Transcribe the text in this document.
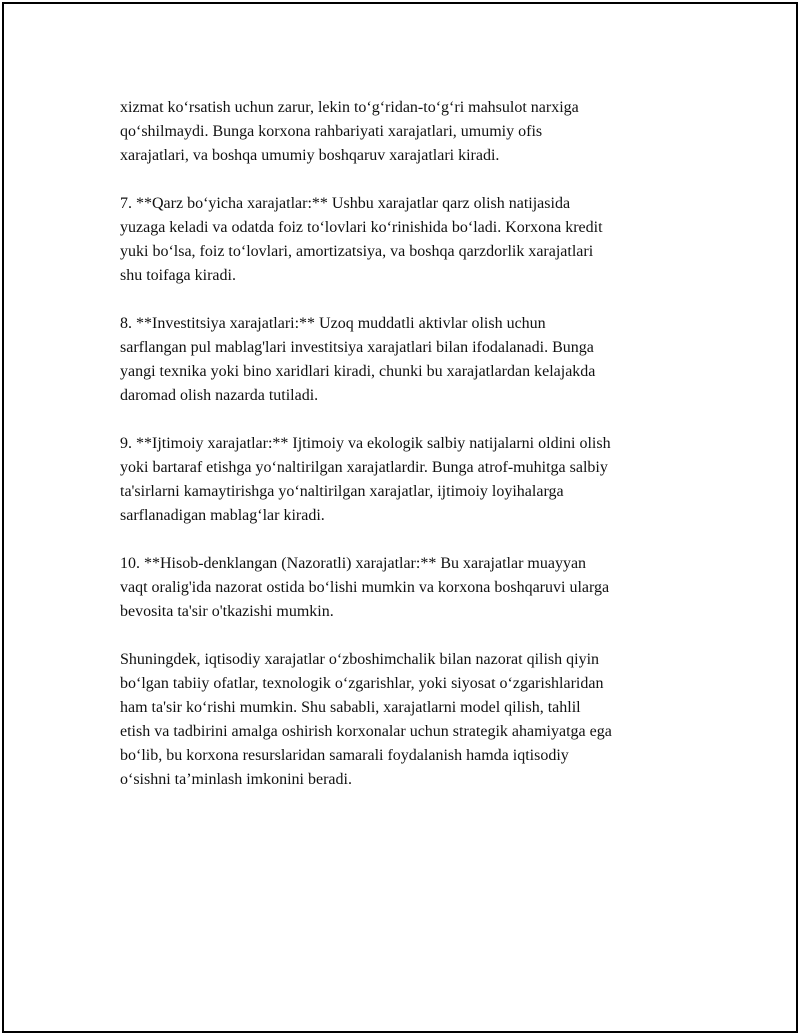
xizmat ko‘rsatish uchun zarur, lekin to‘g‘ridan-to‘g‘ri mahsulot narxiga
qo‘shilmaydi. Bunga korxona rahbariyati xarajatlari, umumiy ofis
xarajatlari, va boshqa umumiy boshqaruv xarajatlari kiradi.

7. **Qarz bo‘yicha xarajatlar:** Ushbu xarajatlar qarz olish natijasida
yuzaga keladi va odatda foiz to‘lovlari ko‘rinishida bo‘ladi. Korxona kredit
yuki bo‘lsa, foiz to‘lovlari, amortizatsiya, va boshqa qarzdorlik xarajatlari
shu toifaga kiradi.

8. **Investitsiya xarajatlari:** Uzoq muddatli aktivlar olish uchun
sarflangan pul mablag'lari investitsiya xarajatlari bilan ifodalanadi. Bunga
yangi texnika yoki bino xaridlari kiradi, chunki bu xarajatlardan kelajakda
daromad olish nazarda tutiladi.

9. **Ijtimoiy xarajatlar:** Ijtimoiy va ekologik salbiy natijalarni oldini olish
yoki bartaraf etishga yo‘naltirilgan xarajatlardir. Bunga atrof-muhitga salbiy
ta'sirlarni kamaytirishga yo‘naltirilgan xarajatlar, ijtimoiy loyihalarga
sarflanadigan mablag‘lar kiradi.

10. **Hisob-denklangan (Nazoratli) xarajatlar:** Bu xarajatlar muayyan
vaqt oralig'ida nazorat ostida bo‘lishi mumkin va korxona boshqaruvi ularga
bevosita ta'sir o'tkazishi mumkin.

Shuningdek, iqtisodiy xarajatlar o‘zboshimchalik bilan nazorat qilish qiyin
bo‘lgan tabiiy ofatlar, texnologik o‘zgarishlar, yoki siyosat o‘zgarishlaridan
ham ta'sir ko‘rishi mumkin. Shu sababli, xarajatlarni model qilish, tahlil
etish va tadbirini amalga oshirish korxonalar uchun strategik ahamiyatga ega
bo‘lib, bu korxona resurslaridan samarali foydalanish hamda iqtisodiy
o‘sishni ta’minlash imkonini beradi.
